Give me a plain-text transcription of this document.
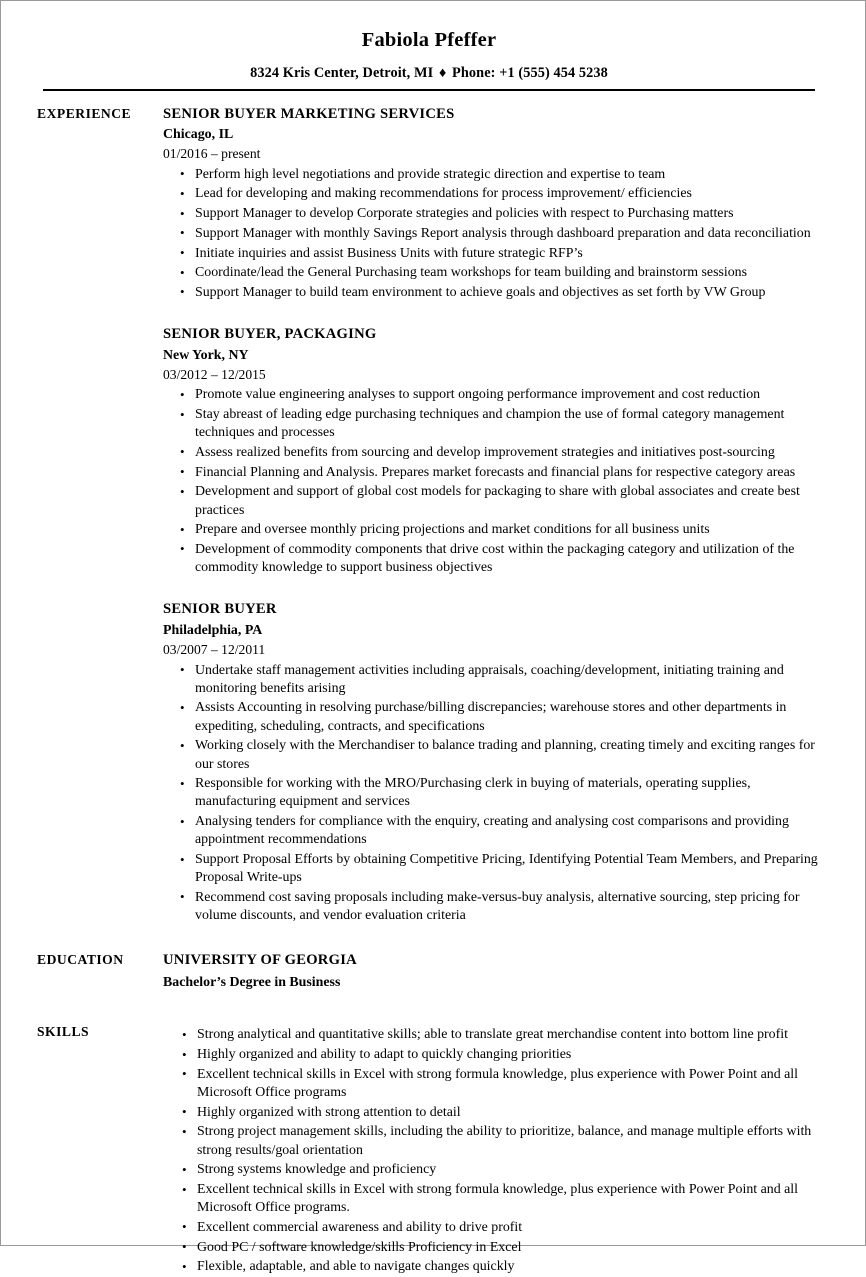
Fabiola Pfeffer
8324 Kris Center, Detroit, MI ♦ Phone: +1 (555) 454 5238
EXPERIENCE	SENIOR BUYER MARKETING SERVICES
Chicago, IL
01/2016 – present
• Perform high level negotiations and provide strategic direction and expertise to team
• Lead for developing and making recommendations for process improvement/ efficiencies
• Support Manager to develop Corporate strategies and policies with respect to Purchasing matters
• Support Manager with monthly Savings Report analysis through dashboard preparation and data reconciliation
• Initiate inquiries and assist Business Units with future strategic RFP’s
• Coordinate/lead the General Purchasing team workshops for team building and brainstorm sessions
• Support Manager to build team environment to achieve goals and objectives as set forth by VW Group
SENIOR BUYER, PACKAGING
New York, NY
03/2012 – 12/2015
• Promote value engineering analyses to support ongoing performance improvement and cost reduction
• Stay abreast of leading edge purchasing techniques and champion the use of formal category management techniques and processes
• Assess realized benefits from sourcing and develop improvement strategies and initiatives post-sourcing
• Financial Planning and Analysis. Prepares market forecasts and financial plans for respective category areas
• Development and support of global cost models for packaging to share with global associates and create best practices
• Prepare and oversee monthly pricing projections and market conditions for all business units
• Development of commodity components that drive cost within the packaging category and utilization of the commodity knowledge to support business objectives
SENIOR BUYER
Philadelphia, PA
03/2007 – 12/2011
• Undertake staff management activities including appraisals, coaching/development, initiating training and monitoring benefits arising
• Assists Accounting in resolving purchase/billing discrepancies; warehouse stores and other departments in expediting, scheduling, contracts, and specifications
• Working closely with the Merchandiser to balance trading and planning, creating timely and exciting ranges for our stores
• Responsible for working with the MRO/Purchasing clerk in buying of materials, operating supplies, manufacturing equipment and services
• Analysing tenders for compliance with the enquiry, creating and analysing cost comparisons and providing appointment recommendations
• Support Proposal Efforts by obtaining Competitive Pricing, Identifying Potential Team Members, and Preparing Proposal Write-ups
• Recommend cost saving proposals including make-versus-buy analysis, alternative sourcing, step pricing for volume discounts, and vendor evaluation criteria
EDUCATION	UNIVERSITY OF GEORGIA
Bachelor’s Degree in Business
SKILLS	• Strong analytical and quantitative skills; able to translate great merchandise content into bottom line profit
• Highly organized and ability to adapt to quickly changing priorities
• Excellent technical skills in Excel with strong formula knowledge, plus experience with Power Point and all Microsoft Office programs
• Highly organized with strong attention to detail
• Strong project management skills, including the ability to prioritize, balance, and manage multiple efforts with strong results/goal orientation
• Strong systems knowledge and proficiency
• Excellent technical skills in Excel with strong formula knowledge, plus experience with Power Point and all Microsoft Office programs.
• Excellent commercial awareness and ability to drive profit
• Good PC / software knowledge/skills Proficiency in Excel
• Flexible, adaptable, and able to navigate changes quickly
